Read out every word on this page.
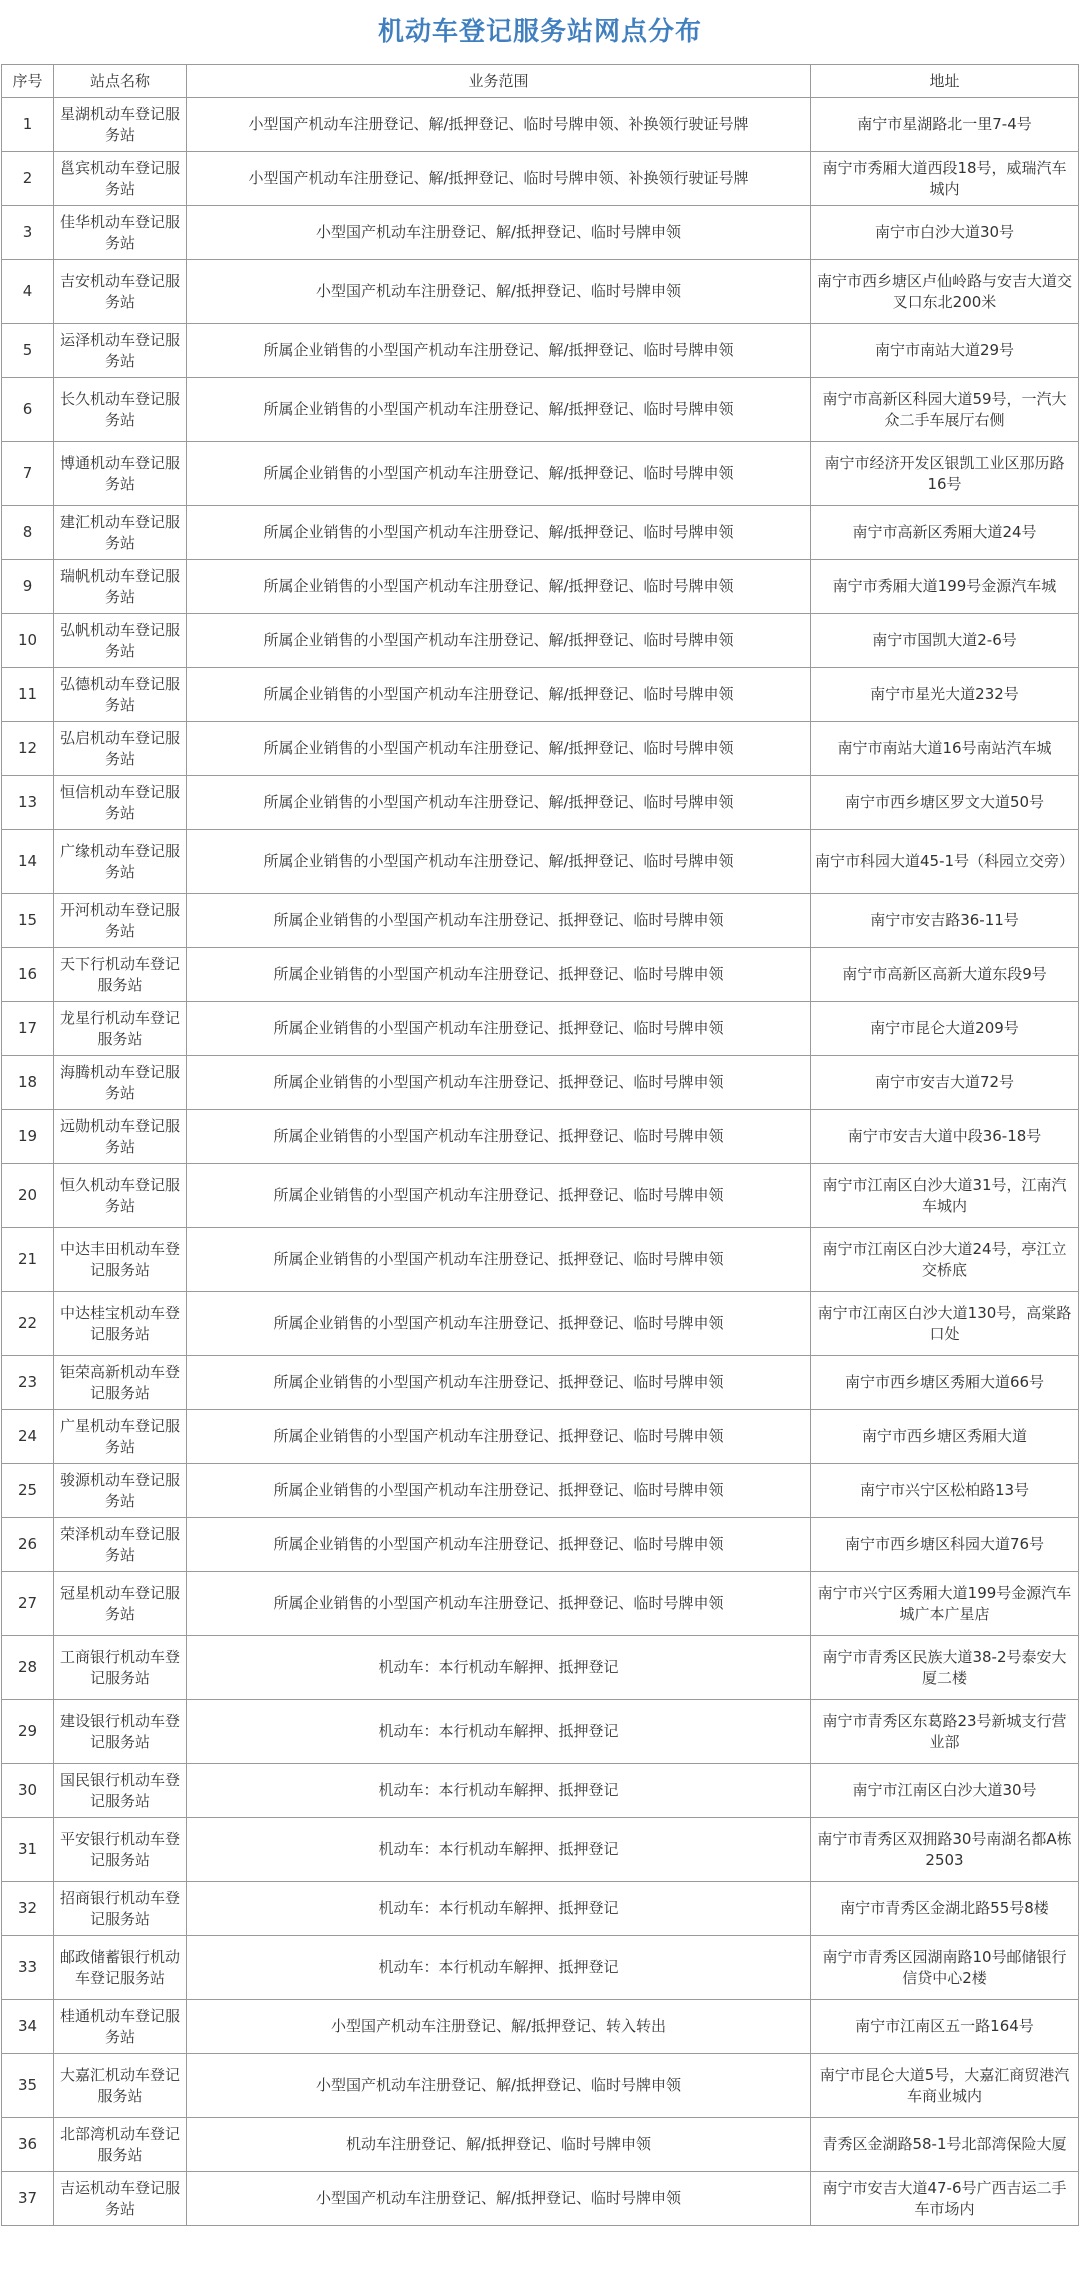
机动车登记服务站网点分布
序号	站点名称	业务范围	地址
1	星湖机动车登记服务站	小型国产机动车注册登记、解/抵押登记、临时号牌申领、补换领行驶证号牌	南宁市星湖路北一里7-4号
2	邕宾机动车登记服务站	小型国产机动车注册登记、解/抵押登记、临时号牌申领、补换领行驶证号牌	南宁市秀厢大道西段18号，威瑞汽车城内
3	佳华机动车登记服务站	小型国产机动车注册登记、解/抵押登记、临时号牌申领	南宁市白沙大道30号
4	吉安机动车登记服务站	小型国产机动车注册登记、解/抵押登记、临时号牌申领	南宁市西乡塘区卢仙岭路与安吉大道交叉口东北200米
5	运泽机动车登记服务站	所属企业销售的小型国产机动车注册登记、解/抵押登记、临时号牌申领	南宁市南站大道29号
6	长久机动车登记服务站	所属企业销售的小型国产机动车注册登记、解/抵押登记、临时号牌申领	南宁市高新区科园大道59号，一汽大众二手车展厅右侧
7	博通机动车登记服务站	所属企业销售的小型国产机动车注册登记、解/抵押登记、临时号牌申领	南宁市经济开发区银凯工业区那历路16号
8	建汇机动车登记服务站	所属企业销售的小型国产机动车注册登记、解/抵押登记、临时号牌申领	南宁市高新区秀厢大道24号
9	瑞帆机动车登记服务站	所属企业销售的小型国产机动车注册登记、解/抵押登记、临时号牌申领	南宁市秀厢大道199号金源汽车城
10	弘帆机动车登记服务站	所属企业销售的小型国产机动车注册登记、解/抵押登记、临时号牌申领	南宁市国凯大道2-6号
11	弘德机动车登记服务站	所属企业销售的小型国产机动车注册登记、解/抵押登记、临时号牌申领	南宁市星光大道232号
12	弘启机动车登记服务站	所属企业销售的小型国产机动车注册登记、解/抵押登记、临时号牌申领	南宁市南站大道16号南站汽车城
13	恒信机动车登记服务站	所属企业销售的小型国产机动车注册登记、解/抵押登记、临时号牌申领	南宁市西乡塘区罗文大道50号
14	广缘机动车登记服务站	所属企业销售的小型国产机动车注册登记、解/抵押登记、临时号牌申领	南宁市科园大道45-1号（科园立交旁）
15	开河机动车登记服务站	所属企业销售的小型国产机动车注册登记、抵押登记、临时号牌申领	南宁市安吉路36-11号
16	天下行机动车登记服务站	所属企业销售的小型国产机动车注册登记、抵押登记、临时号牌申领	南宁市高新区高新大道东段9号
17	龙星行机动车登记服务站	所属企业销售的小型国产机动车注册登记、抵押登记、临时号牌申领	南宁市昆仑大道209号
18	海腾机动车登记服务站	所属企业销售的小型国产机动车注册登记、抵押登记、临时号牌申领	南宁市安吉大道72号
19	远勋机动车登记服务站	所属企业销售的小型国产机动车注册登记、抵押登记、临时号牌申领	南宁市安吉大道中段36-18号
20	恒久机动车登记服务站	所属企业销售的小型国产机动车注册登记、抵押登记、临时号牌申领	南宁市江南区白沙大道31号，江南汽车城内
21	中达丰田机动车登记服务站	所属企业销售的小型国产机动车注册登记、抵押登记、临时号牌申领	南宁市江南区白沙大道24号，亭江立交桥底
22	中达桂宝机动车登记服务站	所属企业销售的小型国产机动车注册登记、抵押登记、临时号牌申领	南宁市江南区白沙大道130号，高棠路口处
23	钜荣高新机动车登记服务站	所属企业销售的小型国产机动车注册登记、抵押登记、临时号牌申领	南宁市西乡塘区秀厢大道66号
24	广星机动车登记服务站	所属企业销售的小型国产机动车注册登记、抵押登记、临时号牌申领	南宁市西乡塘区秀厢大道
25	骏源机动车登记服务站	所属企业销售的小型国产机动车注册登记、抵押登记、临时号牌申领	南宁市兴宁区松柏路13号
26	荣泽机动车登记服务站	所属企业销售的小型国产机动车注册登记、抵押登记、临时号牌申领	南宁市西乡塘区科园大道76号
27	冠星机动车登记服务站	所属企业销售的小型国产机动车注册登记、抵押登记、临时号牌申领	南宁市兴宁区秀厢大道199号金源汽车城广本广星店
28	工商银行机动车登记服务站	机动车：本行机动车解押、抵押登记	南宁市青秀区民族大道38-2号泰安大厦二楼
29	建设银行机动车登记服务站	机动车：本行机动车解押、抵押登记	南宁市青秀区东葛路23号新城支行营业部
30	国民银行机动车登记服务站	机动车：本行机动车解押、抵押登记	南宁市江南区白沙大道30号
31	平安银行机动车登记服务站	机动车：本行机动车解押、抵押登记	南宁市青秀区双拥路30号南湖名都A栋2503
32	招商银行机动车登记服务站	机动车：本行机动车解押、抵押登记	南宁市青秀区金湖北路55号8楼
33	邮政储蓄银行机动车登记服务站	机动车：本行机动车解押、抵押登记	南宁市青秀区园湖南路10号邮储银行信贷中心2楼
34	桂通机动车登记服务站	小型国产机动车注册登记、解/抵押登记、转入转出	南宁市江南区五一路164号
35	大嘉汇机动车登记服务站	小型国产机动车注册登记、解/抵押登记、临时号牌申领	南宁市昆仑大道5号，大嘉汇商贸港汽车商业城内
36	北部湾机动车登记服务站	机动车注册登记、解/抵押登记、临时号牌申领	青秀区金湖路58-1号北部湾保险大厦
37	吉运机动车登记服务站	小型国产机动车注册登记、解/抵押登记、临时号牌申领	南宁市安吉大道47-6号广西吉运二手车市场内
